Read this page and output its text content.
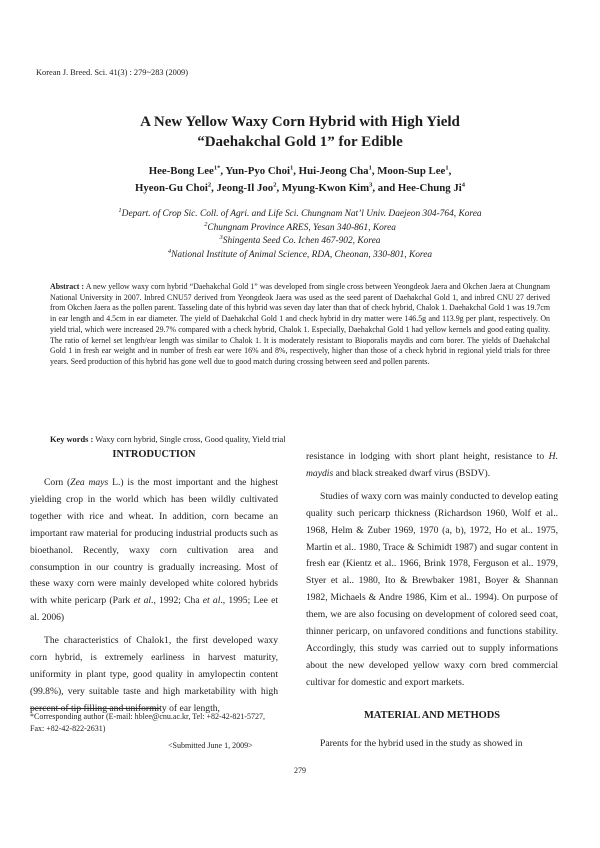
Korean J. Breed. Sci. 41(3) : 279~283 (2009)
A New Yellow Waxy Corn Hybrid with High Yield
“Daehakchal Gold 1” for Edible
Hee-Bong Lee$^{1*}$, Yun-Pyo Choi$^1$, Hui-Jeong Cha$^1$, Moon-Sup Lee$^1$,
Hyeon-Gu Choi$^2$, Jeong-Il Joo$^2$, Myung-Kwon Kim$^3$, and Hee-Chung Ji$^4$
$^1$Depart. of Crop Sic. Coll. of Agri. and Life Sci. Chungnam Nat’l Univ. Daejeon 304-764, Korea
$^2$Chungnam Province ARES, Yesan 340-861, Korea
$^3$Shingenta Seed Co. Ichen 467-902, Korea
$^4$National Institute of Animal Science, RDA, Cheonan, 330-801, Korea
Abstract : A new yellow waxy corn hybrid “Daehakchal Gold 1” was developed from single cross between Yeongdeok Jaera and Okchen Jaera at Chungnam National University in 2007. Inbred CNU57 derived from Yeongdeok Jaera was used as the seed parent of Daehakchal Gold 1, and inbred CNU 27 derived from Okchen Jaera as the pollen parent. Tasseling date of this hybrid was seven day later than that of check hybrid, Chalok 1. Daehakchal Gold 1 was 19.7cm in ear length and 4.5cm in ear diameter. The yield of Daehakchal Gold 1 and check hybrid in dry matter were 146.5g and 113.9g per plant, respectively. On yield trial, which were increased 29.7% compared with a check hybrid, Chalok 1. Especially, Daehakchal Gold 1 had yellow kernels and good eating quality. The ratio of kernel set length/ear length was similar to Chalok 1. It is moderately resistant to Bioporalis maydis and corn borer. The yields of Daehakchal Gold 1 in fresh ear weight and in number of fresh ear were 16% and 8%, respectively, higher than those of a check hybrid in regional yield trials for three years. Seed production of this hybrid has gone well due to good match during crossing between seed and pollen parents.
Key words : Waxy corn hybrid, Single cross, Good quality, Yield trial
INTRODUCTION

Corn (Zea mays L.) is the most important and the highest yielding crop in the world which has been wildly cultivated together with rice and wheat. In addition, corn became an important raw material for producing industrial products such as bioethanol. Recently, waxy corn cultivation area and consumption in our country is gradually increasing. Most of these waxy corn were mainly developed white colored hybrids with white pericarp (Park et al., 1992; Cha et al., 1995; Lee et al. 2006)

The characteristics of Chalok1, the first developed waxy corn hybrid, is extremely earliness in harvest maturity, uniformity in plant type, good quality in amylopectin content (99.8%), very suitable taste and high marketability with high percent of tip filling and uniformity of ear length,

resistance in lodging with short plant height, resistance to H. maydis and black streaked dwarf virus (BSDV).

Studies of waxy corn was mainly conducted to develop eating quality such pericarp thickness (Richardson 1960, Wolf et al.. 1968, Helm & Zuber 1969, 1970 (a, b), 1972, Ho et al.. 1975, Martin et al.. 1980, Trace & Schimidt 1987) and sugar content in fresh ear (Kientz et al.. 1966, Brink 1978, Ferguson et al.. 1979, Styer et al.. 1980, Ito & Brewbaker 1981, Boyer & Shannan 1982, Michaels & Andre 1986, Kim et al.. 1994). On purpose of them, we are also focusing on development of colored seed coat, thinner pericarp, on unfavored conditions and functions stability. Accordingly, this study was carried out to supply informations about the new developed yellow waxy corn bred commercial cultivar for domestic and export markets.

MATERIAL AND METHODS

Parents for the hybrid used in the study as showed in

*Corresponding author (E-mail: hblee@cnu.ac.kr, Tel: +82-42-821-5727, Fax: +82-42-822-2631)
<Submitted June 1, 2009>
279
